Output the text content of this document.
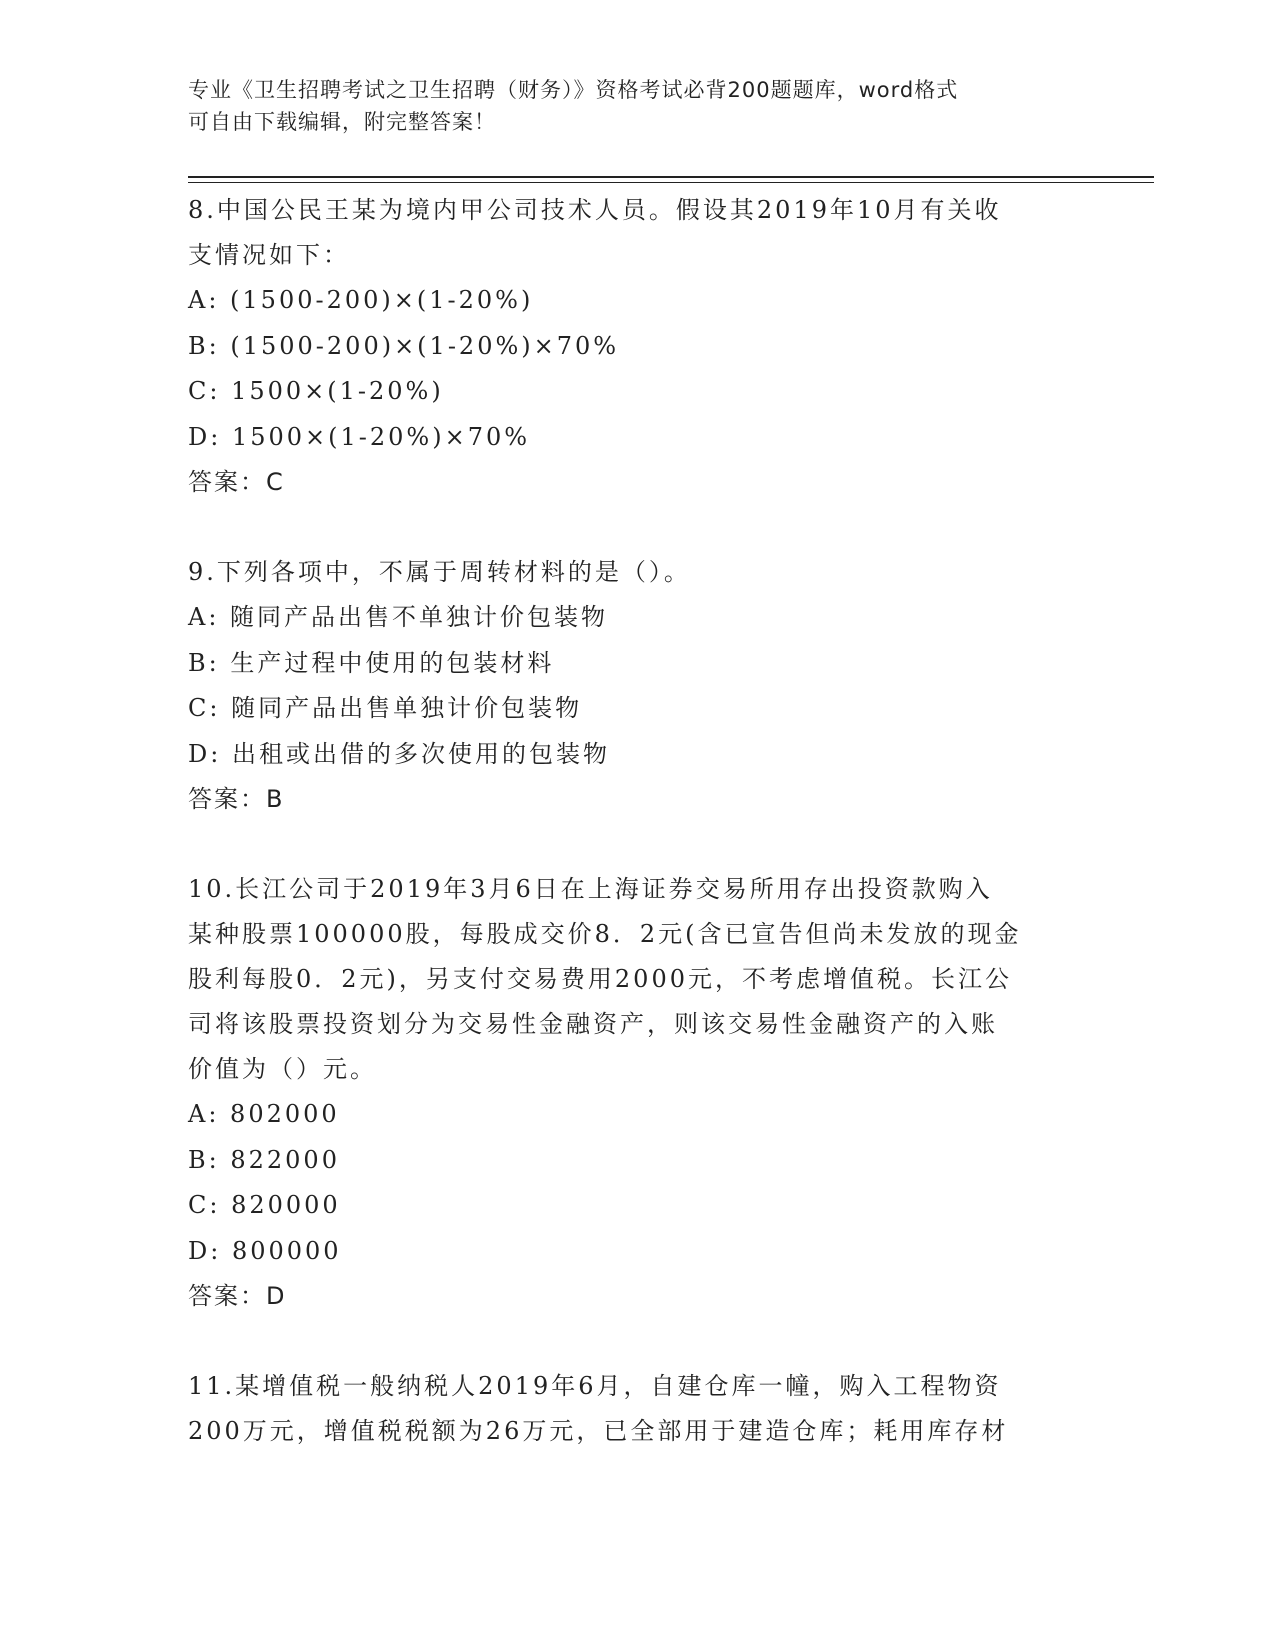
专业《卫生招聘考试之卫生招聘（财务）》资格考试必背200题题库，word格式
可自由下载编辑，附完整答案！

8.中国公民王某为境内甲公司技术人员。假设其2019年10月有关收

支情况如下：

A: (1500-200)×(1-20%)

B: (1500-200)×(1-20%)×70%

C: 1500×(1-20%)

D: 1500×(1-20%)×70%

答案：C

9.下列各项中，不属于周转材料的是（）。

A: 随同产品出售不单独计价包装物

B: 生产过程中使用的包装材料

C: 随同产品出售单独计价包装物

D: 出租或出借的多次使用的包装物

答案：B

10.长江公司于2019年3月6日在上海证券交易所用存出投资款购入

某种股票100000股，每股成交价8．2元(含已宣告但尚未发放的现金

股利每股0．2元)，另支付交易费用2000元，不考虑增值税。长江公

司将该股票投资划分为交易性金融资产，则该交易性金融资产的入账

价值为（）元。

A: 802000

B: 822000

C: 820000

D: 800000

答案：D

11.某增值税一般纳税人2019年6月，自建仓库一幢，购入工程物资

200万元，增值税税额为26万元，已全部用于建造仓库；耗用库存材
